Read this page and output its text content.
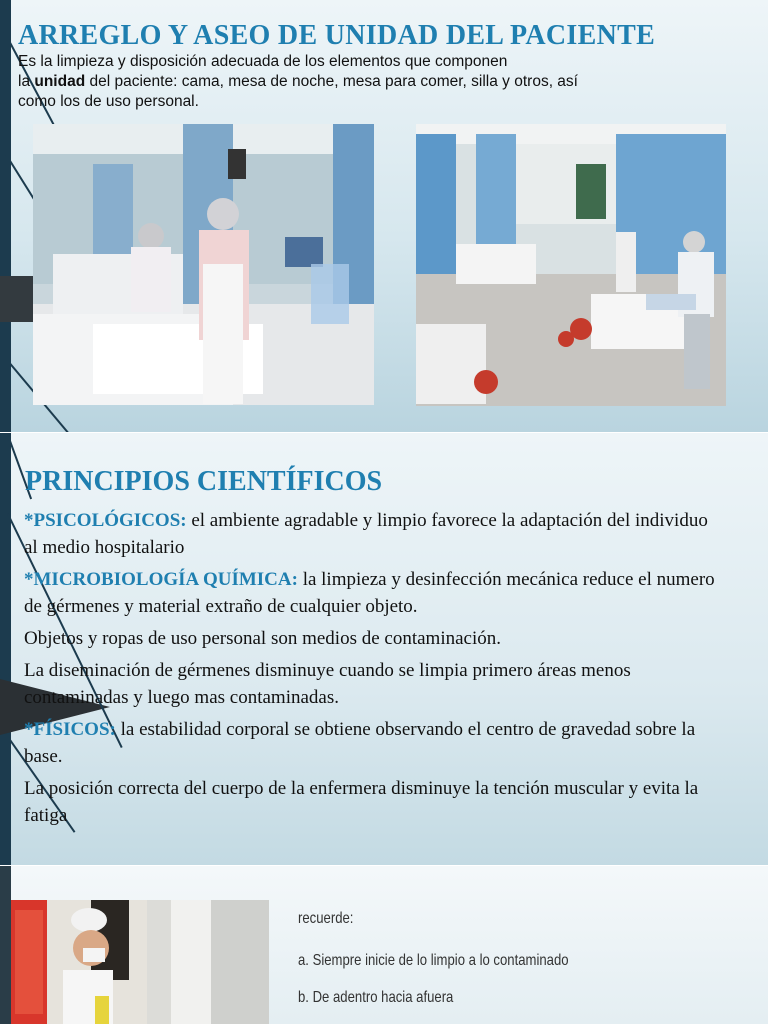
ARREGLO Y ASEO DE UNIDAD DEL PACIENTE
Es la limpieza y disposición adecuada de los elementos que componen
la unidad del paciente: cama, mesa de noche, mesa para comer, silla y otros, así
como los de uso personal.
PRINCIPIOS CIENTÍFICOS

*PSICOLÓGICOS: el ambiente agradable y limpio favorece la adaptación del individuo al medio hospitalario

*MICROBIOLOGÍA QUÍMICA: la limpieza y desinfección mecánica reduce el numero de gérmenes y material extraño de cualquier objeto.

Objetos y ropas de uso personal son medios de contaminación.

La diseminación de gérmenes disminuye cuando se limpia primero áreas menos contaminadas y luego mas contaminadas.

*FÍSICOS: la estabilidad corporal se obtiene observando el centro de gravedad sobre la base.

La posición correcta del cuerpo de la enfermera disminuye la tención muscular y evita la fatiga

recuerde:
a. Siempre inicie de lo limpio a lo contaminado
b. De adentro hacia afuera
